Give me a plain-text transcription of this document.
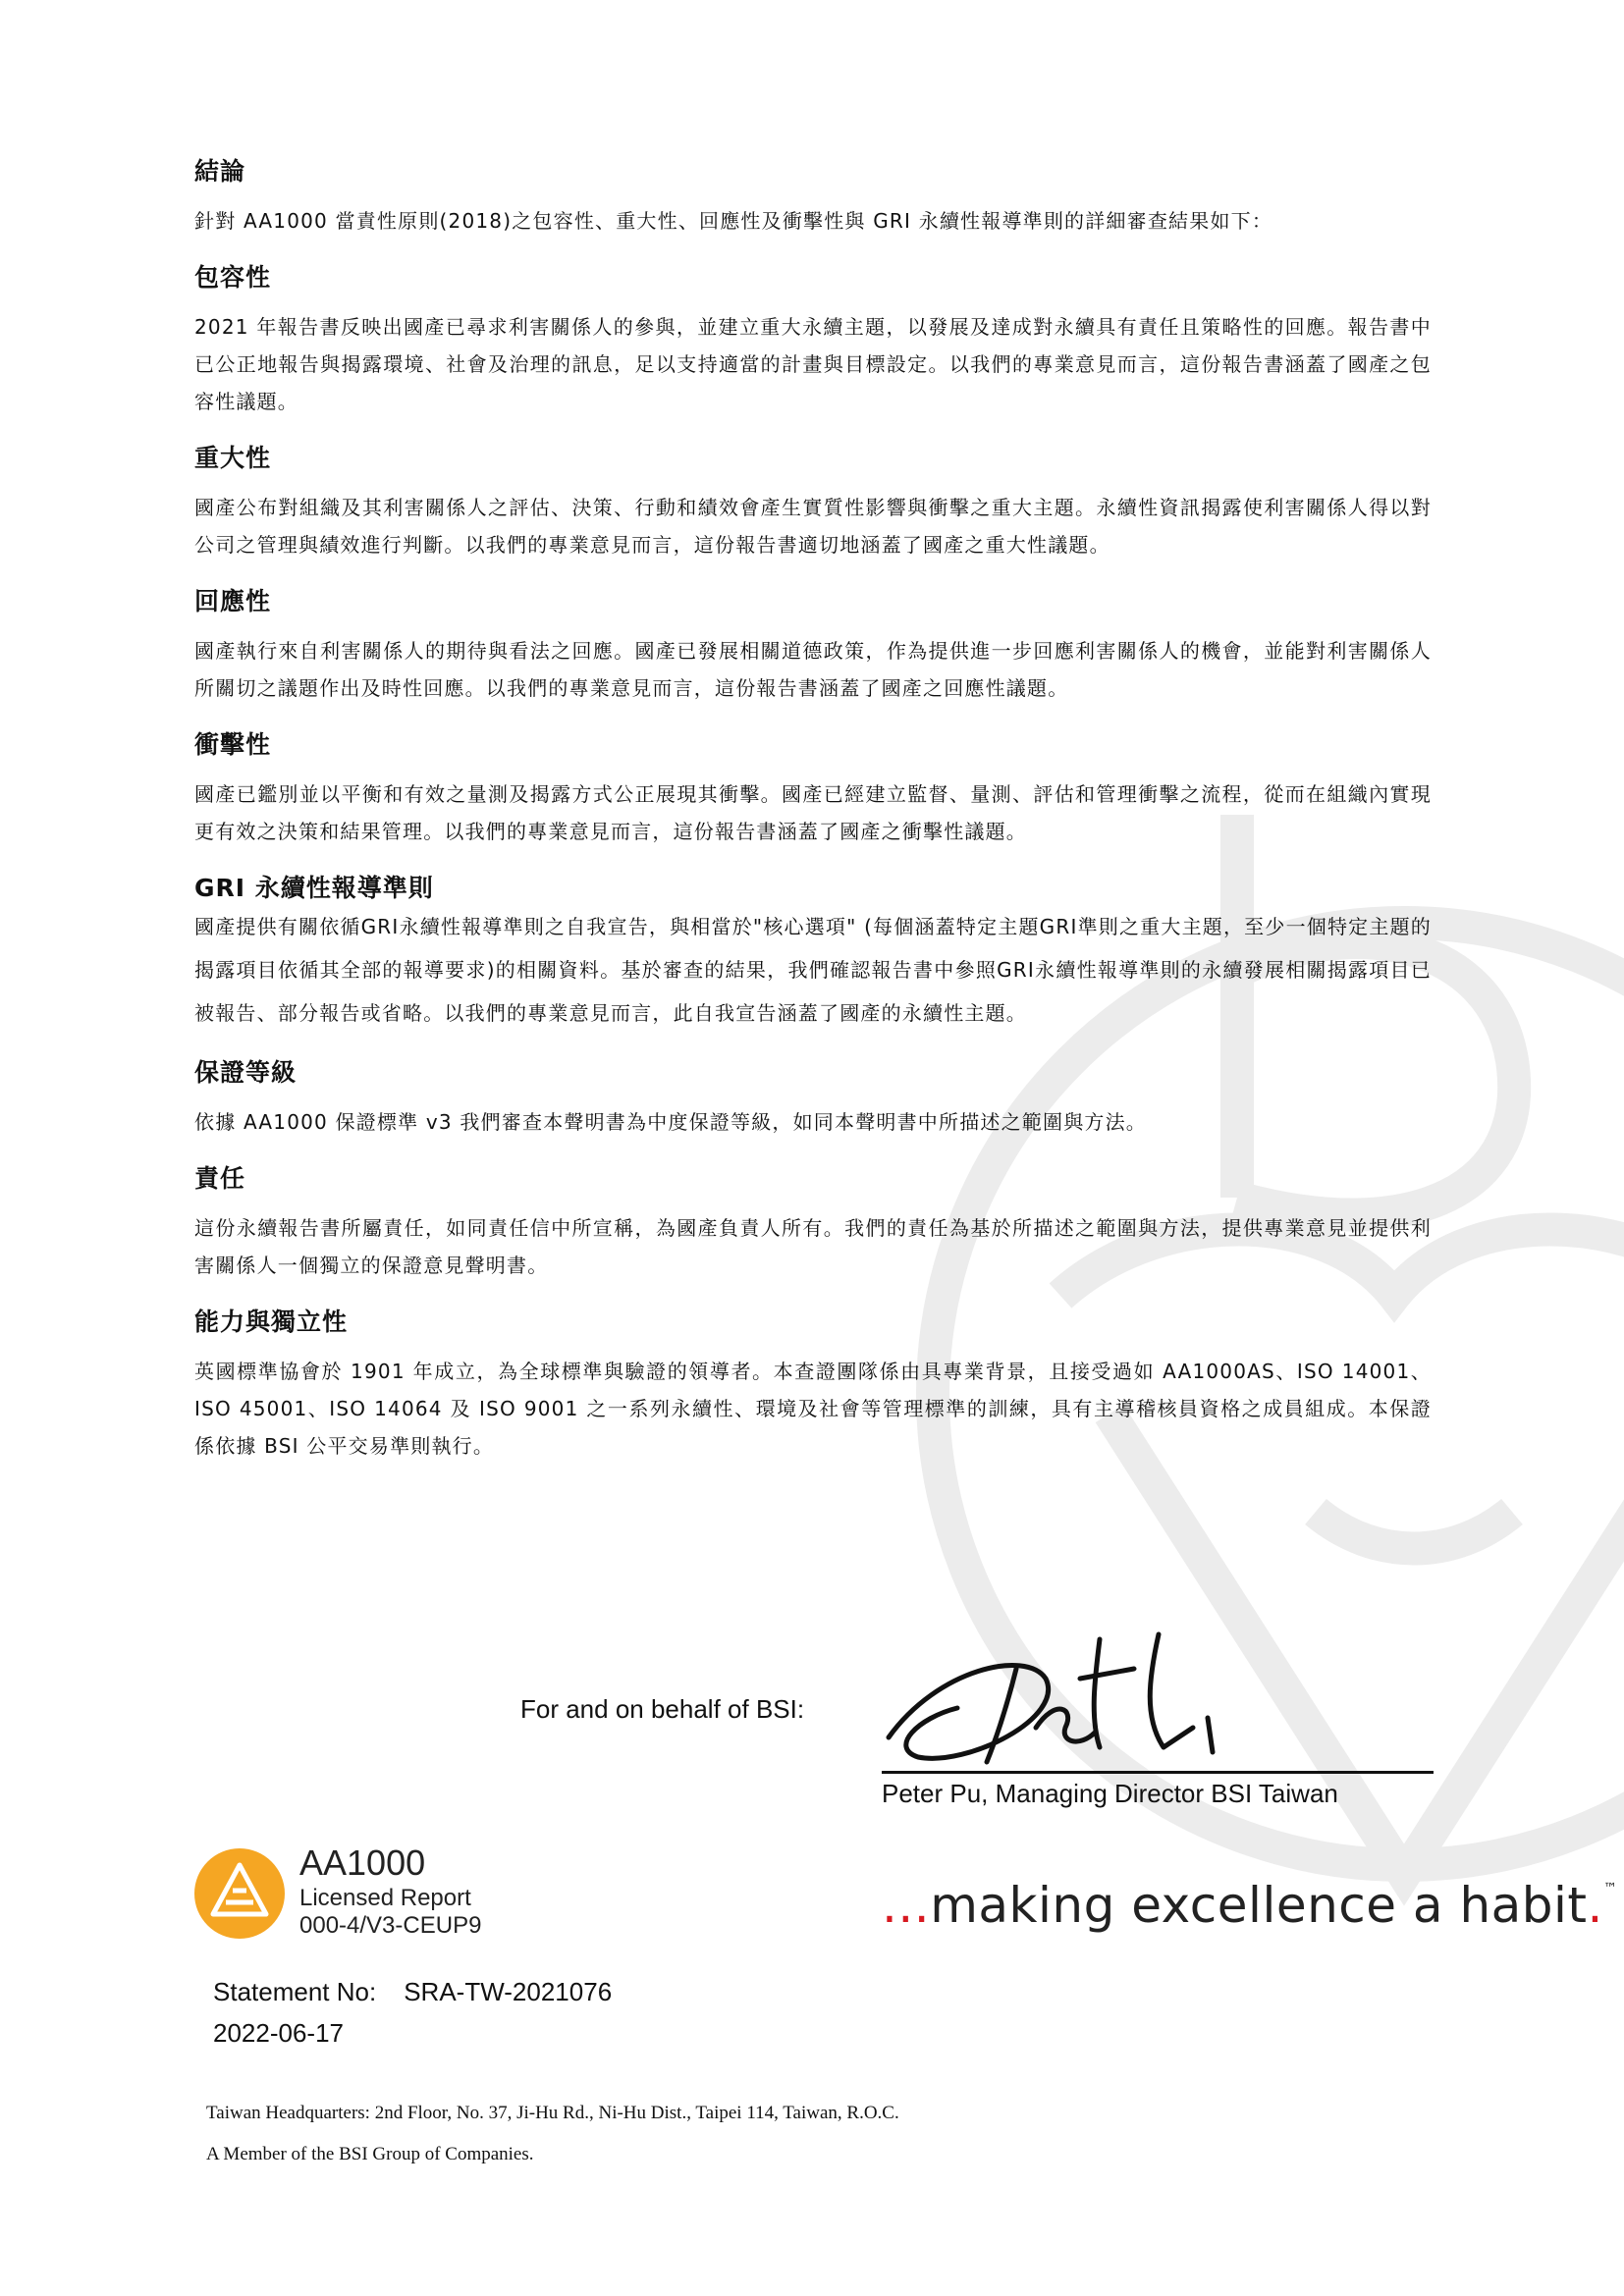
結論

針對 AA1000 當責性原則(2018)之包容性、重大性、回應性及衝擊性與 GRI 永續性報導準則的詳細審查結果如下：

包容性

2021 年報告書反映出國產已尋求利害關係人的參與，並建立重大永續主題，以發展及達成對永續具有責任且策略性的回應。報告書中已公正地報告與揭露環境、社會及治理的訊息，足以支持適當的計畫與目標設定。以我們的專業意見而言，這份報告書涵蓋了國產之包容性議題。

重大性

國產公布對組織及其利害關係人之評估、決策、行動和績效會產生實質性影響與衝擊之重大主題。永續性資訊揭露使利害關係人得以對公司之管理與績效進行判斷。以我們的專業意見而言，這份報告書適切地涵蓋了國產之重大性議題。

回應性

國產執行來自利害關係人的期待與看法之回應。國產已發展相關道德政策，作為提供進一步回應利害關係人的機會，並能對利害關係人所關切之議題作出及時性回應。以我們的專業意見而言，這份報告書涵蓋了國產之回應性議題。

衝擊性

國產已鑑別並以平衡和有效之量測及揭露方式公正展現其衝擊。國產已經建立監督、量測、評估和管理衝擊之流程，從而在組織內實現更有效之決策和結果管理。以我們的專業意見而言，這份報告書涵蓋了國產之衝擊性議題。

GRI 永續性報導準則

國產提供有關依循GRI永續性報導準則之自我宣告，與相當於"核心選項" (每個涵蓋特定主題GRI準則之重大主題，至少一個特定主題的揭露項目依循其全部的報導要求)的相關資料。基於審查的結果，我們確認報告書中參照GRI永續性報導準則的永續發展相關揭露項目已被報告、部分報告或省略。以我們的專業意見而言，此自我宣告涵蓋了國產的永續性主題。

保證等級

依據 AA1000 保證標準 v3 我們審查本聲明書為中度保證等級，如同本聲明書中所描述之範圍與方法。

責任

這份永續報告書所屬責任，如同責任信中所宣稱，為國產負責人所有。我們的責任為基於所描述之範圍與方法，提供專業意見並提供利害關係人一個獨立的保證意見聲明書。

能力與獨立性

英國標準協會於 1901 年成立，為全球標準與驗證的領導者。本查證團隊係由具專業背景，且接受過如 AA1000AS、ISO 14001、ISO 45001、ISO 14064 及 ISO 9001 之一系列永續性、環境及社會等管理標準的訓練，具有主導稽核員資格之成員組成。本保證係依據 BSI 公平交易準則執行。

For and on behalf of BSI:
Peter Pu, Managing Director BSI Taiwan
AA1000
Licensed Report
000-4/V3-CEUP9	...making excellence a habit.™
Statement No: SRA-TW-2021076
2022-06-17
Taiwan Headquarters: 2nd Floor, No. 37, Ji-Hu Rd., Ni-Hu Dist., Taipei 114, Taiwan, R.O.C.
A Member of the BSI Group of Companies.
